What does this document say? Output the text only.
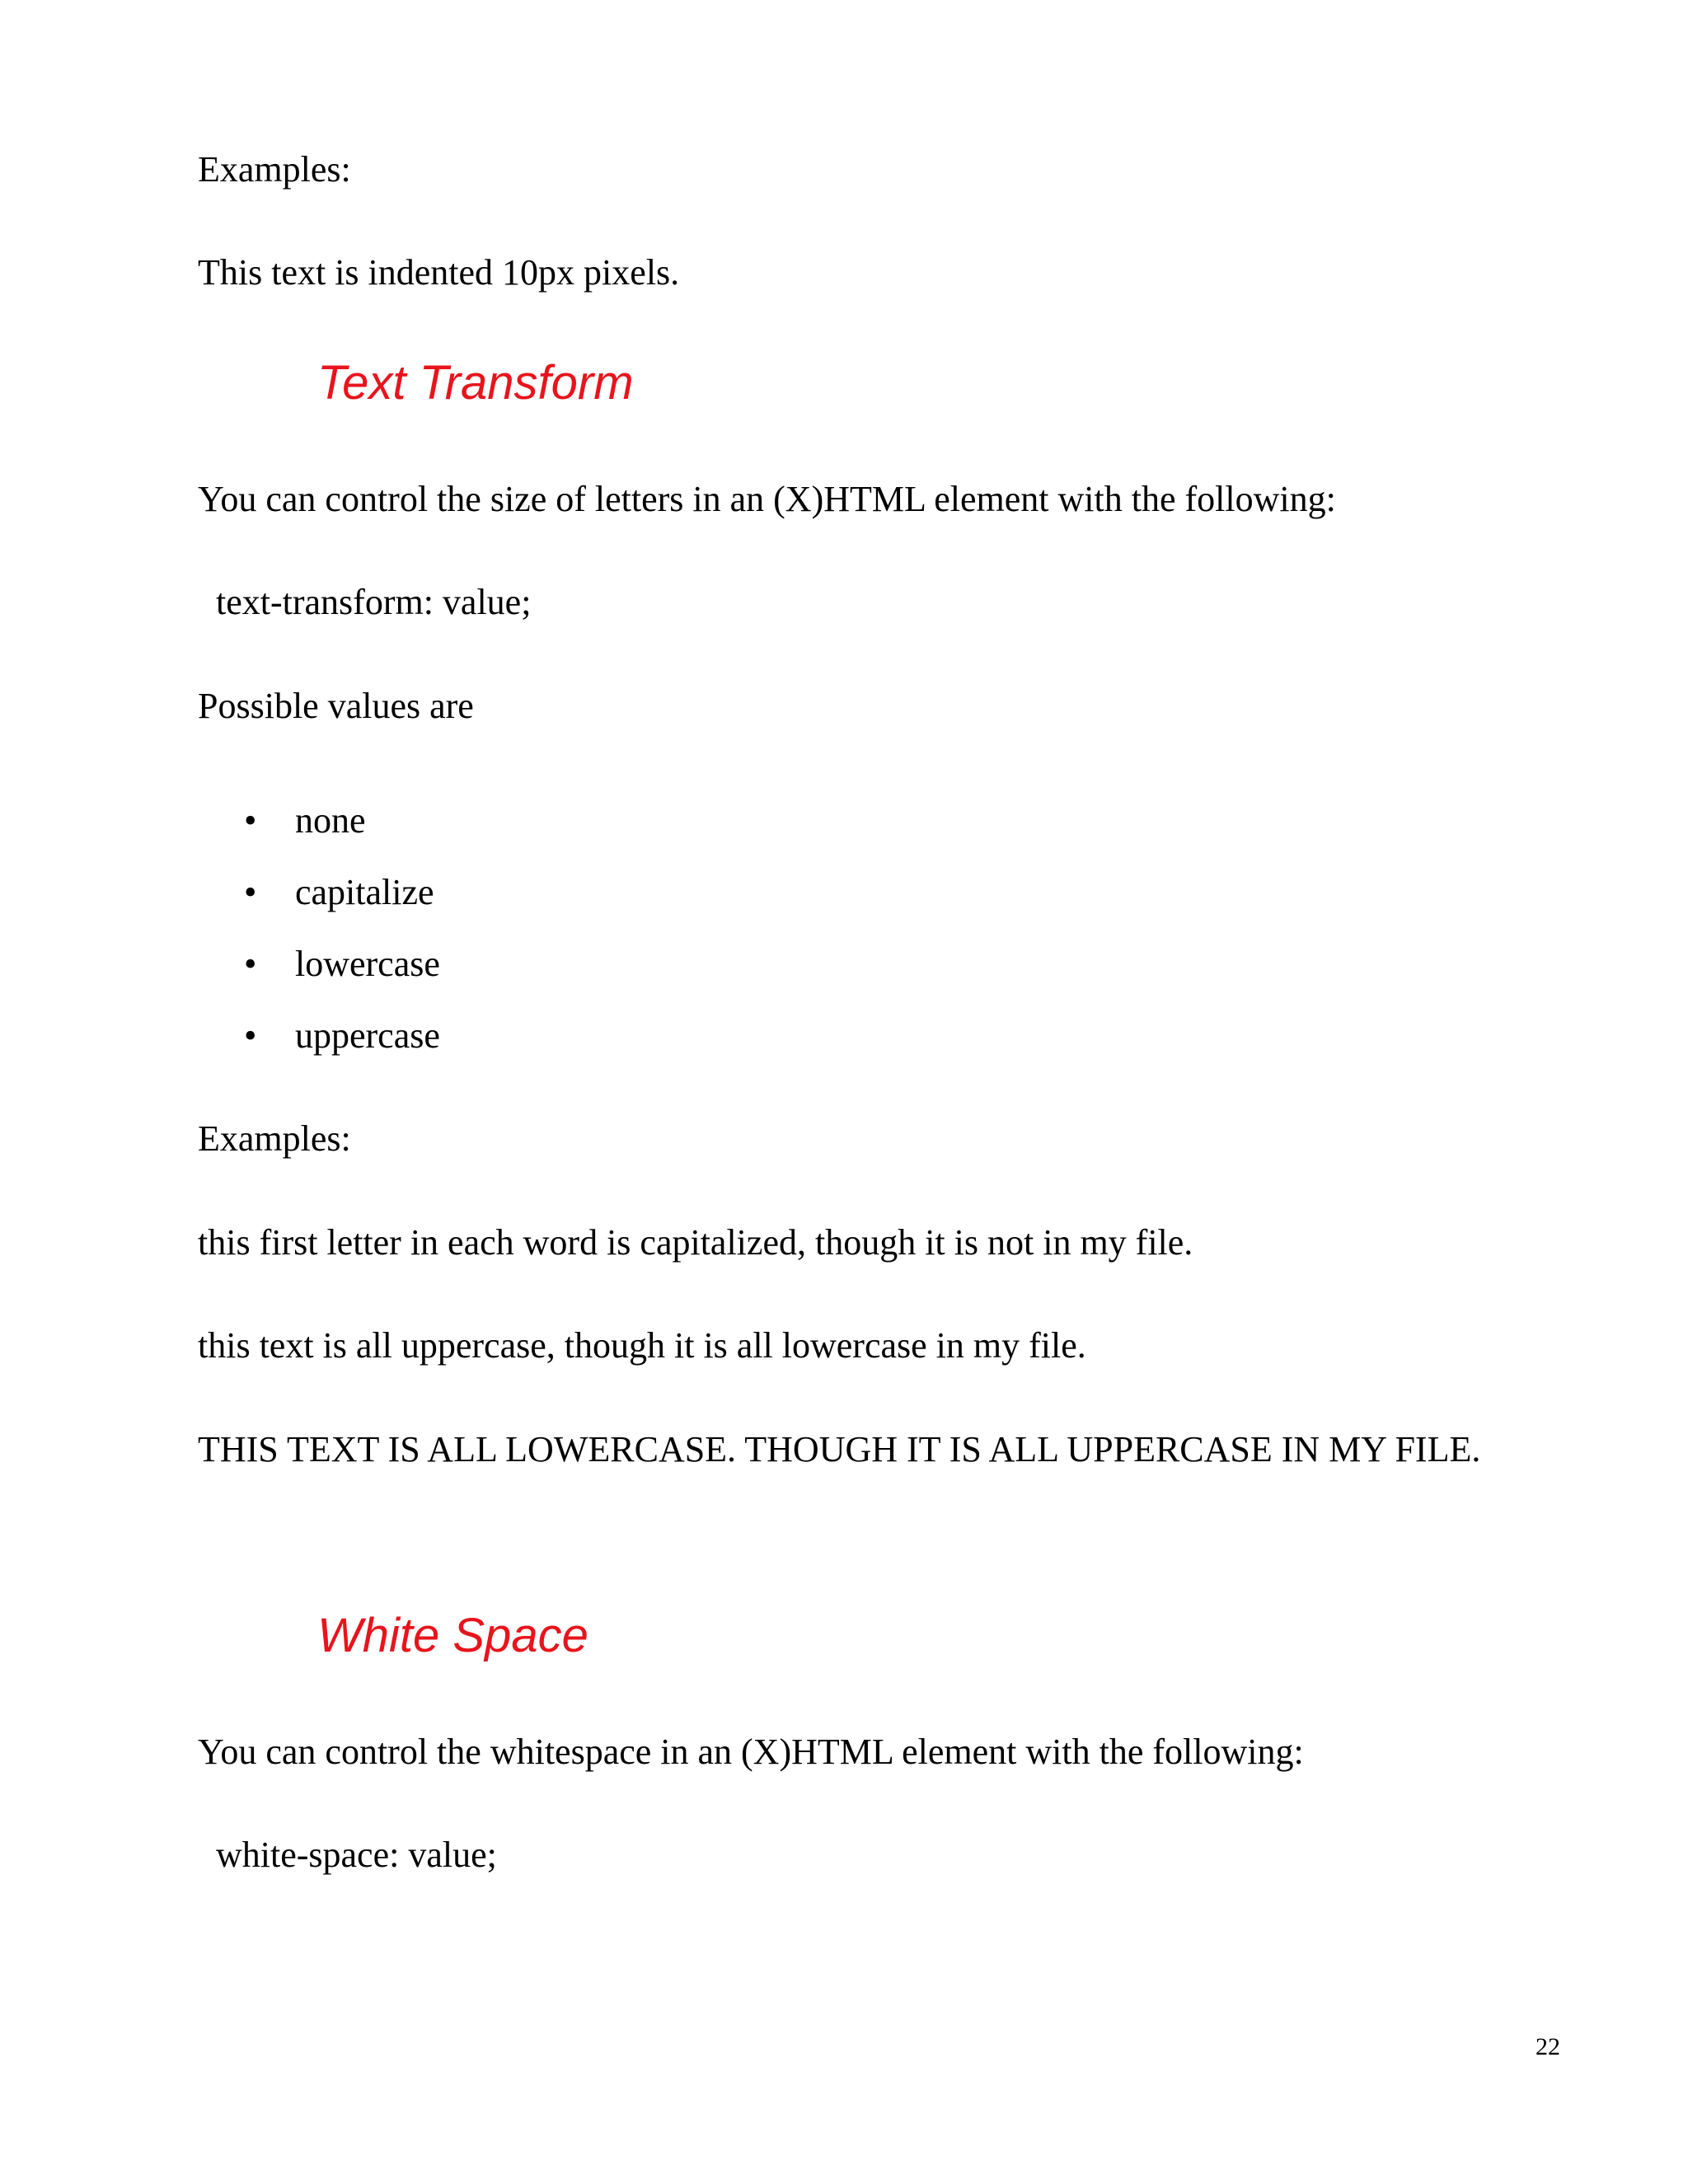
Examples:

This text is indented 10px pixels.

Text Transform

You can control the size of letters in an (X)HTML element with the following:

text-transform: value;

Possible values are

• none
• capitalize
• lowercase
• uppercase

Examples:

this first letter in each word is capitalized, though it is not in my file.

this text is all uppercase, though it is all lowercase in my file.

THIS TEXT IS ALL LOWERCASE. THOUGH IT IS ALL UPPERCASE IN MY FILE.

White Space

You can control the whitespace in an (X)HTML element with the following:

white-space: value;

22
